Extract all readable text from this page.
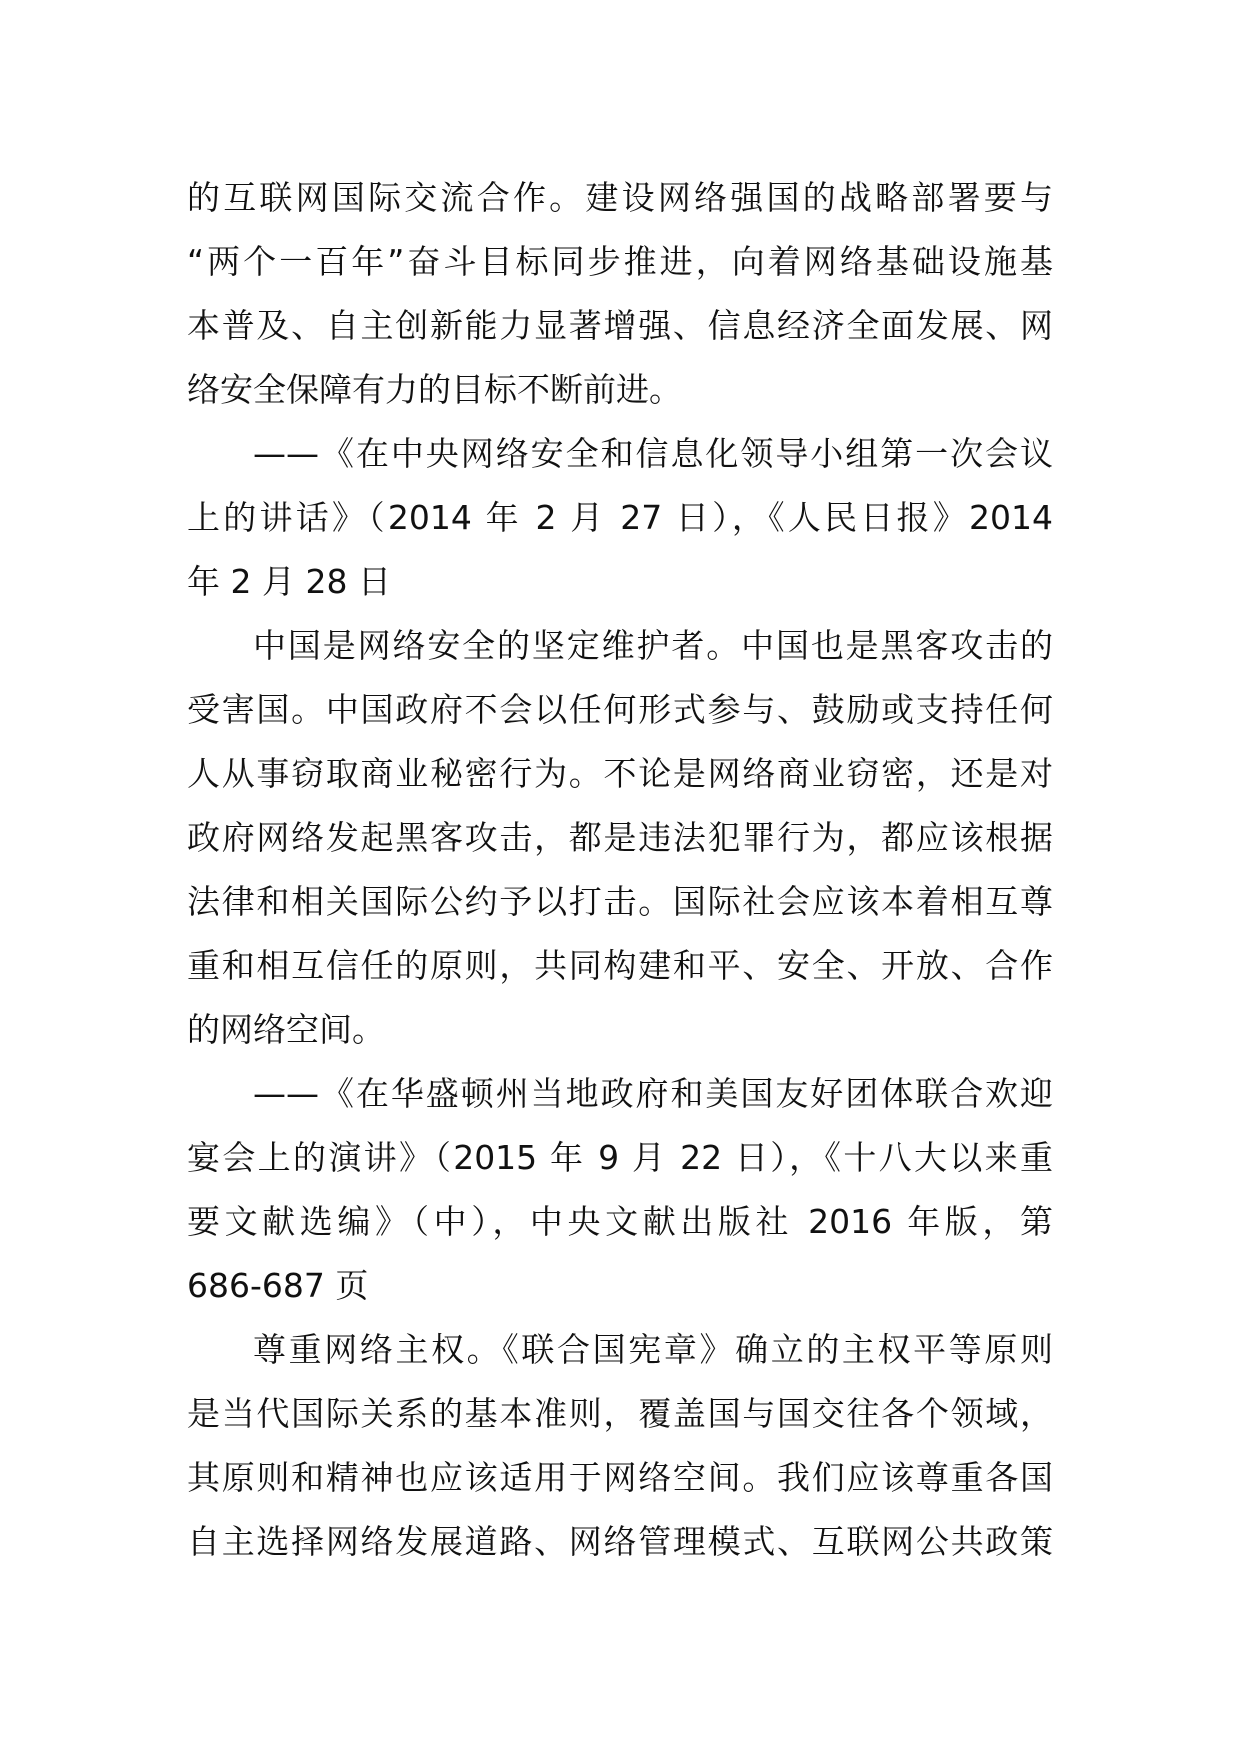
的互联网国际交流合作。建设网络强国的战略部署要与
“两个一百年”奋斗目标同步推进，向着网络基础设施基
本普及、自主创新能力显著增强、信息经济全面发展、网
络安全保障有力的目标不断前进。
——《在中央网络安全和信息化领导小组第一次会议
上的讲话》（2014 年 2 月 27 日），《人民日报》2014
年 2 月 28 日
中国是网络安全的坚定维护者。中国也是黑客攻击的
受害国。中国政府不会以任何形式参与、鼓励或支持任何
人从事窃取商业秘密行为。不论是网络商业窃密，还是对
政府网络发起黑客攻击，都是违法犯罪行为，都应该根据
法律和相关国际公约予以打击。国际社会应该本着相互尊
重和相互信任的原则，共同构建和平、安全、开放、合作
的网络空间。
——《在华盛顿州当地政府和美国友好团体联合欢迎
宴会上的演讲》（2015 年 9 月 22 日），《十八大以来重
要文献选编》（中），中央文献出版社 2016 年版，第
686-687 页
尊重网络主权。《联合国宪章》确立的主权平等原则
是当代国际关系的基本准则，覆盖国与国交往各个领域，
其原则和精神也应该适用于网络空间。我们应该尊重各国
自主选择网络发展道路、网络管理模式、互联网公共政策
